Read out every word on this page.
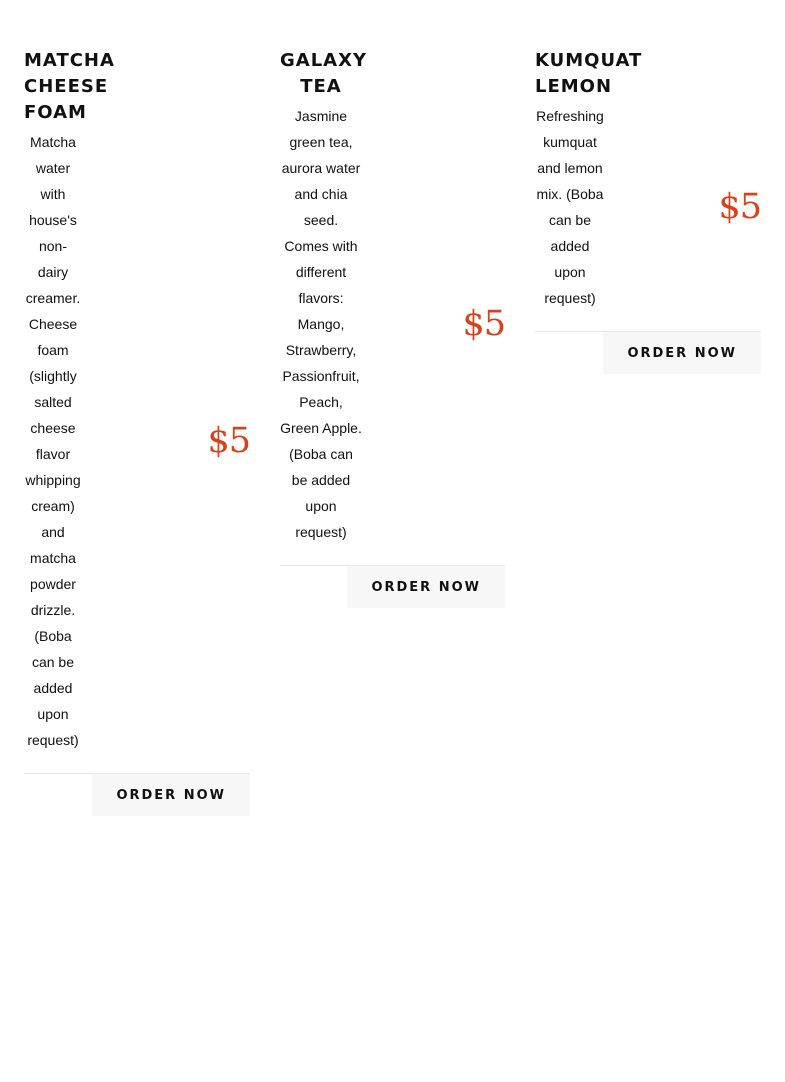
MATCHA
CHEESE
FOAM

Matcha water with house's non-dairy creamer. Cheese foam (slightly salted cheese flavor whipping cream) and matcha powder drizzle. (Boba can be added upon request)

$5
ORDER NOW
GALAXY
TEA

Jasmine green tea, aurora water and chia seed. Comes with different flavors: Mango, Strawberry, Passionfruit, Peach, Green Apple. (Boba can be added upon request)

$5
ORDER NOW
KUMQUAT
LEMON

Refreshing kumquat and lemon mix. (Boba can be added upon request)

$5
ORDER NOW
